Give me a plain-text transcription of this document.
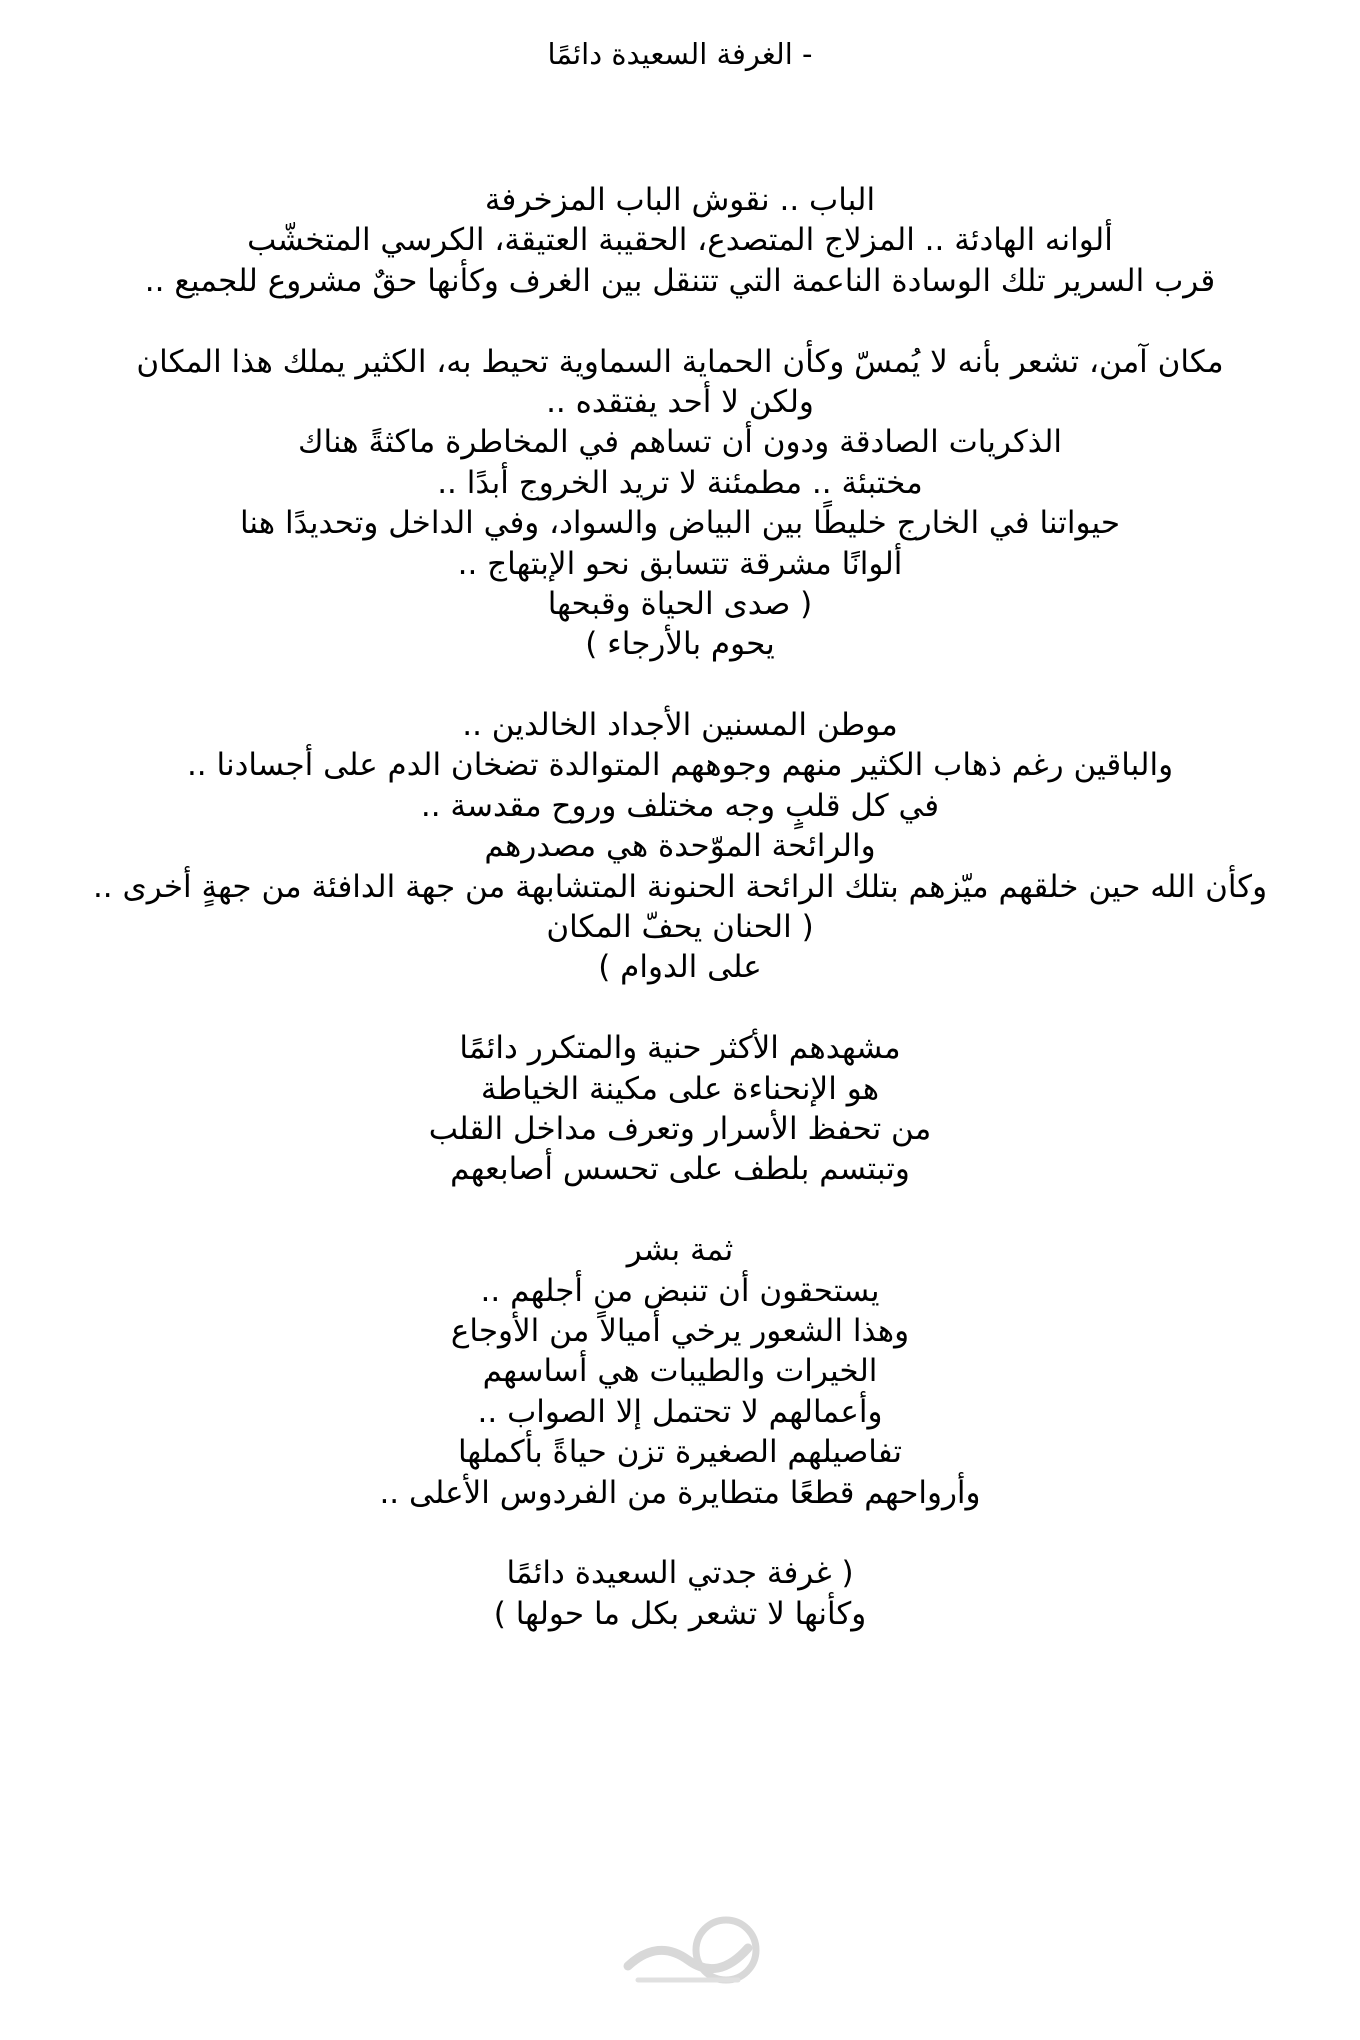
- الغرفة السعيدة دائمًا
الباب .. نقوش الباب المزخرفة
ألوانه الهادئة .. المزلاج المتصدع، الحقيبة العتيقة، الكرسي المتخشّب
قرب السرير تلك الوسادة الناعمة التي تتنقل بين الغرف وكأنها حقٌ مشروع للجميع ..
مكان آمن، تشعر بأنه لا يُمسّ وكأن الحماية السماوية تحيط به، الكثير يملك هذا المكان
ولكن لا أحد يفتقده ..
الذكريات الصادقة ودون أن تساهم في المخاطرة ماكثةً هناك
مختبئة .. مطمئنة لا تريد الخروج أبدًا ..
حيواتنا في الخارج خليطًا بين البياض والسواد، وفي الداخل وتحديدًا هنا
ألوانًا مشرقة تتسابق نحو الإبتهاج ..
( صدى الحياة وقبحها
يحوم بالأرجاء )
موطن المسنين الأجداد الخالدين ..
والباقين رغم ذهاب الكثير منهم وجوههم المتوالدة تضخان الدم على أجسادنا ..
في كل قلبٍ وجه مختلف وروح مقدسة ..
والرائحة الموّحدة هي مصدرهم
وكأن الله حين خلقهم ميّزهم بتلك الرائحة الحنونة المتشابهة من جهة الدافئة من جهةٍ أخرى ..
( الحنان يحفّ المكان
على الدوام )
مشهدهم الأكثر حنية والمتكرر دائمًا
هو الإنحناءة على مكينة الخياطة
من تحفظ الأسرار وتعرف مداخل القلب
وتبتسم بلطف على تحسس أصابعهم
ثمة بشر
يستحقون أن تنبض من أجلهم ..
وهذا الشعور يرخي أميالاً من الأوجاع
الخيرات والطيبات هي أساسهم
وأعمالهم لا تحتمل إلا الصواب ..
تفاصيلهم الصغيرة تزن حياةً بأكملها
وأرواحهم قطعًا متطايرة من الفردوس الأعلى ..
( غرفة جدتي السعيدة دائمًا
وكأنها لا تشعر بكل ما حولها )
